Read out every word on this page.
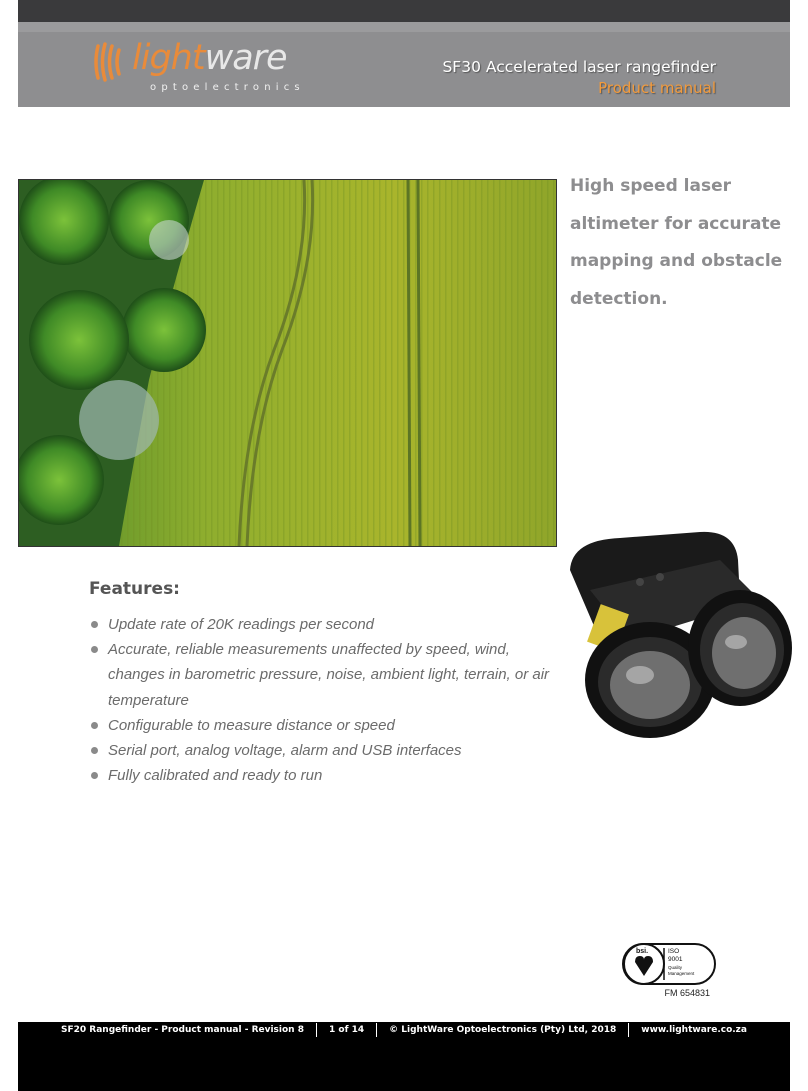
lightware
optoelectronics
SF30 Accelerated laser rangefinder
Product manual
High speed laser altimeter for accurate mapping and obstacle detection.
Features:
Update rate of 20K readings per second
Accurate, reliable measurements unaffected by speed, wind, changes in barometric pressure, noise, ambient light, terrain, or air temperature
Configurable to measure distance or speed
Serial port, analog voltage, alarm and USB interfaces
Fully calibrated and ready to run
bsi.	ISO
9001
Quality
Management
FM 654831
SF20 Rangefinder - Product manual - Revision 8	1 of 14	© LightWare Optoelectronics (Pty) Ltd, 2018	www.lightware.co.za
